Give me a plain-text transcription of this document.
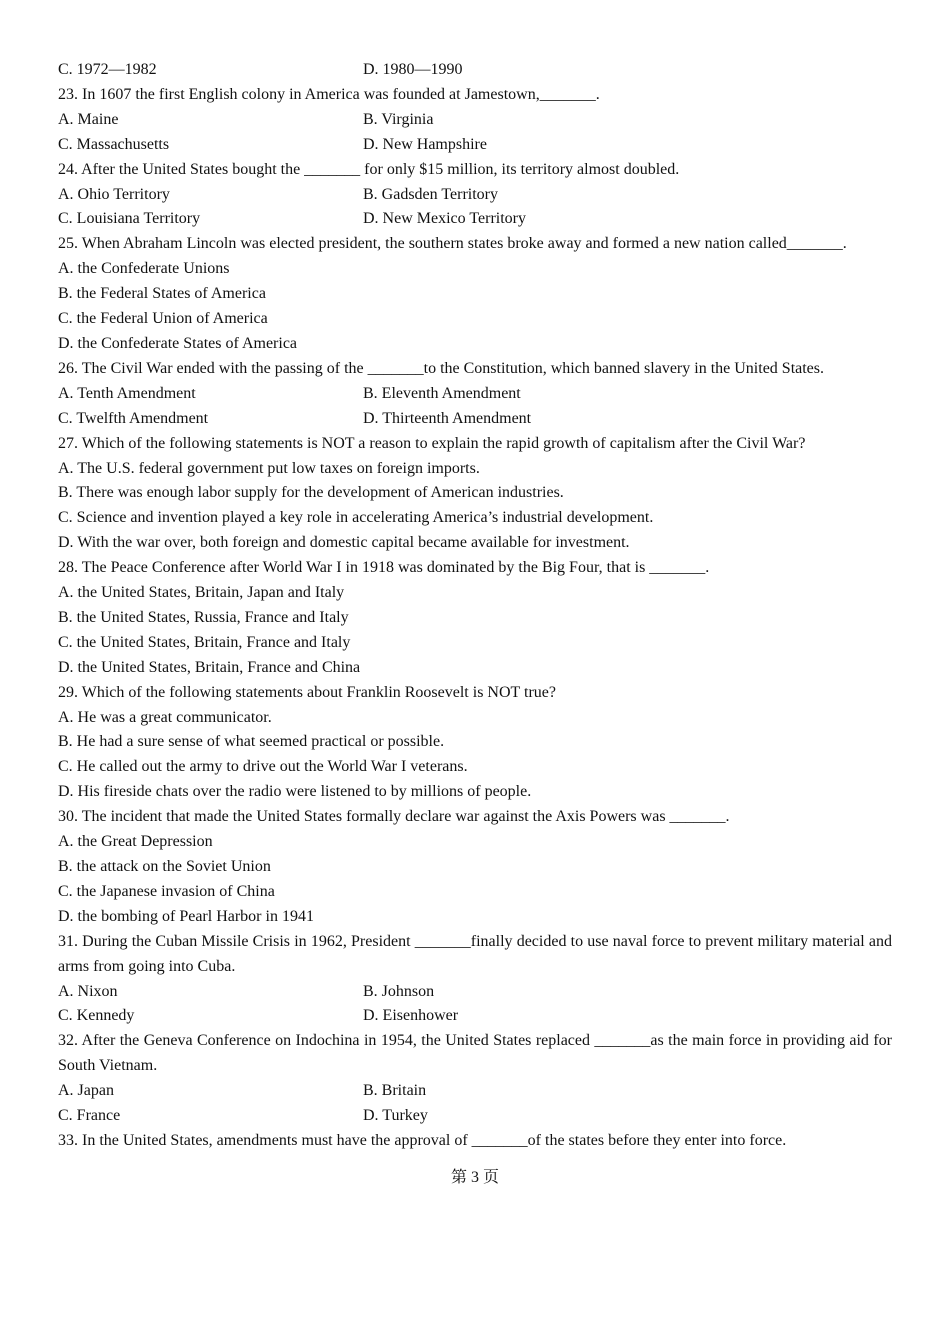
C. 1972—1982	D. 1980—1990
23. In 1607 the first English colony in America was founded at Jamestown,_______.
A. Maine	B. Virginia
C. Massachusetts	D. New Hampshire
24. After the United States bought the _______ for only $15 million, its territory almost doubled.
A. Ohio Territory	B. Gadsden Territory
C. Louisiana Territory	D. New Mexico Territory
25. When Abraham Lincoln was elected president, the southern states broke away and formed a new nation called_______.
A. the Confederate Unions
B. the Federal States of America
C. the Federal Union of America
D. the Confederate States of America
26. The Civil War ended with the passing of the _______to the Constitution, which banned slavery in the United States.
A. Tenth Amendment	B. Eleventh Amendment
C. Twelfth Amendment	D. Thirteenth Amendment
27. Which of the following statements is NOT a reason to explain the rapid growth of capitalism after the Civil War?
A. The U.S. federal government put low taxes on foreign imports.
B. There was enough labor supply for the development of American industries.
C. Science and invention played a key role in accelerating America’s industrial development.
D. With the war over, both foreign and domestic capital became available for investment.
28. The Peace Conference after World War I in 1918 was dominated by the Big Four, that is _______.
A. the United States, Britain, Japan and Italy
B. the United States, Russia, France and Italy
C. the United States, Britain, France and Italy
D. the United States, Britain, France and China
29. Which of the following statements about Franklin Roosevelt is NOT true?
A. He was a great communicator.
B. He had a sure sense of what seemed practical or possible.
C. He called out the army to drive out the World War I veterans.
D. His fireside chats over the radio were listened to by millions of people.
30. The incident that made the United States formally declare war against the Axis Powers was _______.
A. the Great Depression
B. the attack on the Soviet Union
C. the Japanese invasion of China
D. the bombing of Pearl Harbor in 1941
31. During the Cuban Missile Crisis in 1962, President _______finally decided to use naval force to prevent military material and arms from going into Cuba.
A. Nixon	B. Johnson
C. Kennedy	D. Eisenhower
32. After the Geneva Conference on Indochina in 1954, the United States replaced _______as the main force in providing aid for South Vietnam.
A. Japan	B. Britain
C. France	D. Turkey
33. In the United States, amendments must have the approval of _______of the states before they enter into force.
第 3 页
